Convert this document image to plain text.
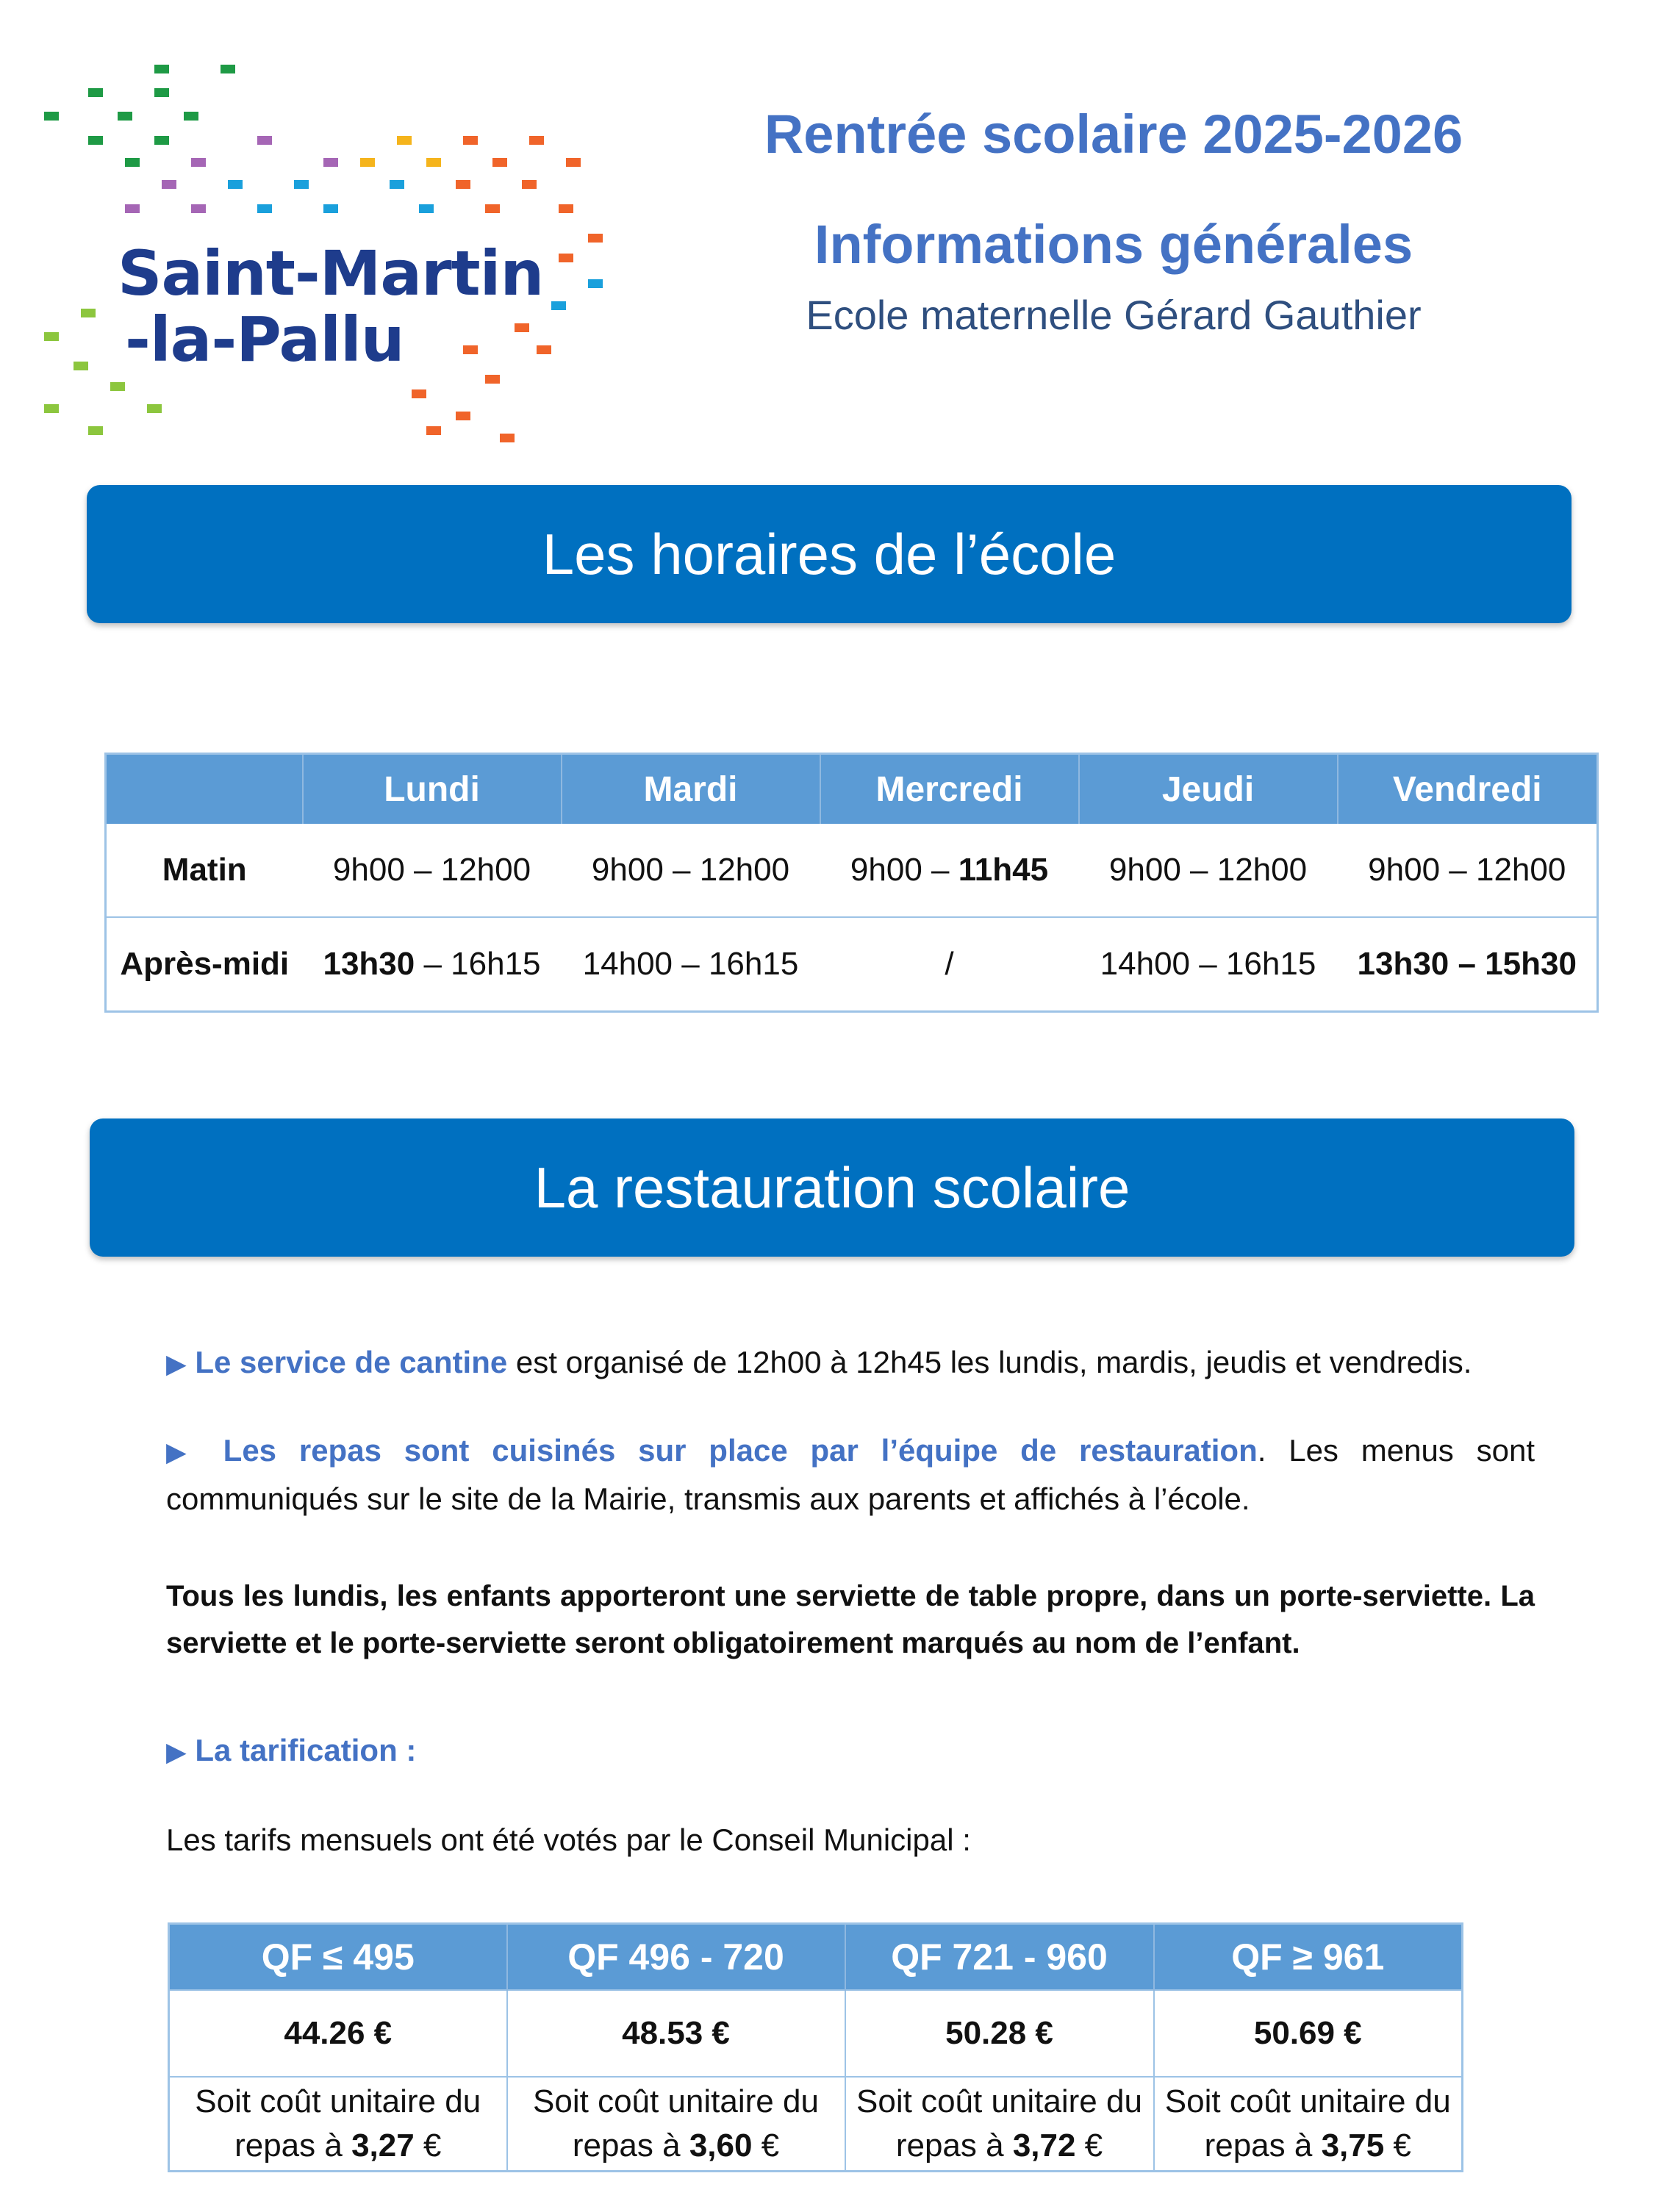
Saint-Martin
-la-Pallu
Rentrée scolaire 2025-2026
Informations générales
Ecole maternelle Gérard Gauthier
Les horaires de l’école
	Lundi	Mardi	Mercredi	Jeudi	Vendredi
Matin	9h00 – 12h00	9h00 – 12h00	9h00 – 11h45	9h00 – 12h00	9h00 – 12h00
Après-midi	13h30 – 16h15	14h00 – 16h15	/	14h00 – 16h15	13h30 – 15h30
La restauration scolaire
▶ Le service de cantine est organisé de 12h00 à 12h45 les lundis, mardis, jeudis et vendredis.
▶ Les repas sont cuisinés sur place par l’équipe de restauration. Les menus sont communiqués sur le site de la Mairie, transmis aux parents et affichés à l’école.
Tous les lundis, les enfants apporteront une serviette de table propre, dans un porte-serviette. La serviette et le porte-serviette seront obligatoirement marqués au nom de l’enfant.
▶ La tarification :
Les tarifs mensuels ont été votés par le Conseil Municipal :
QF ≤ 495	QF 496 - 720	QF 721 - 960	QF ≥ 961
44.26 €	48.53 €	50.28 €	50.69 €
Soit coût unitaire du repas à 3,27 €	Soit coût unitaire du repas à 3,60 €	Soit coût unitaire du repas à 3,72 €	Soit coût unitaire du repas à 3,75 €
